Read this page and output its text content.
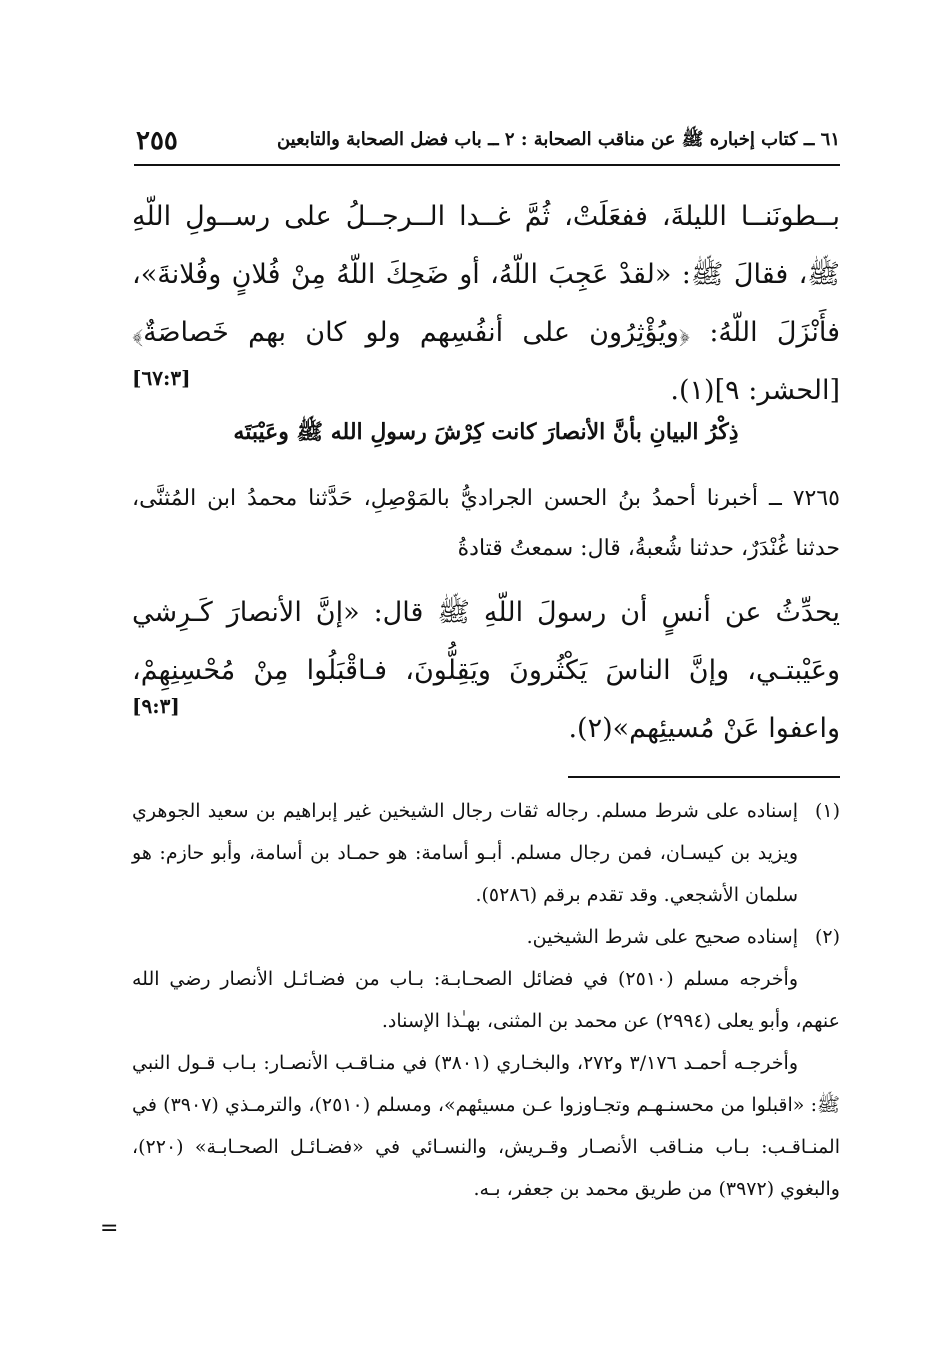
٦١ ــ كتاب إخباره ﷺ عن مناقب الصحابة : ٢ ــ باب فضل الصحابة والتابعين
٢٥٥
بــطونَنــا الليلةَ، ففعَلَتْ، ثُمَّ غــدا الــرجــلُ على رســولِ اللّهِ ﷺ، فقالَ ﷺ: «لقدْ عَجِبَ اللّهُ، أو ضَحِكَ اللّهُ مِنْ فُلانٍ وفُلانةَ»، فأَنْزَلَ اللّهُ: ﴿ويُؤْثِرُون على أنفُسِهم ولو كان بهم خَصاصَةٌ﴾ [الحشر: ٩](١).
[٦٧:٣]
ذِكْرُ البيانِ بأنَّ الأنصارَ كانت كِرْشَ رسولِ الله ﷺ وعَيْبَتَه
٧٢٦٥ ــ أخبرنا أحمدُ بنُ الحسن الجراديُّ بالمَوْصِلِ، حَدَّثنا محمدُ ابن المُثنَّى، حدثنا غُنْدَرٌ، حدثنا شُعبةُ، قال: سمعتُ قتادةُ
يحدِّثُ عن أنسٍ أن رسولَ اللّهِ ﷺ قال: «إنَّ الأنصارَ كَـرِشي وعَيْبتـي، وإنَّ الناسَ يَكْثُرونَ ويَقِلُّونَ، فـاقْبَلُوا مِنْ مُحْسِنِهِمْ، واعفوا عَنْ مُسيئِهم»(٢).
[٩:٣]
(١)
إسناده على شرط مسلم. رجاله ثقات رجال الشيخين غير إبراهيم بن سعيد الجوهري ويزيد بن كيسـان، فمن رجال مسلم. أبـو أسامة: هو حمـاد بن أسامة، وأبو حازم: هو سلمان الأشجعي. وقد تقدم برقم (٥٢٨٦).
(٢)
إسناده صحيح على شرط الشيخين.
وأخرجه مسلم (٢٥١٠) في فضائل الصحـابـة: بـاب من فضـائـل الأنصار رضي الله عنهم، وأبو يعلى (٢٩٩٤) عن محمد بن المثنى، بهـٰذا الإسناد.
وأخرجـه أحمـد ٣/١٧٦ و٢٧٢، والبخـاري (٣٨٠١) في منـاقـب الأنصـار: بـاب قـول النبي ﷺ: «اقبلوا من محسنـهـم وتجـاوزوا عـن مسيئهم»، ومسلم (٢٥١٠)، والترمـذي (٣٩٠٧) في المنـاقـب: بـاب منـاقب الأنصـار وقـريش، والنسـائي في «فضـائـل الصحـابـة» (٢٢٠)، والبغوي (٣٩٧٢) من طريق محمد بن جعفر، بـه.
=
